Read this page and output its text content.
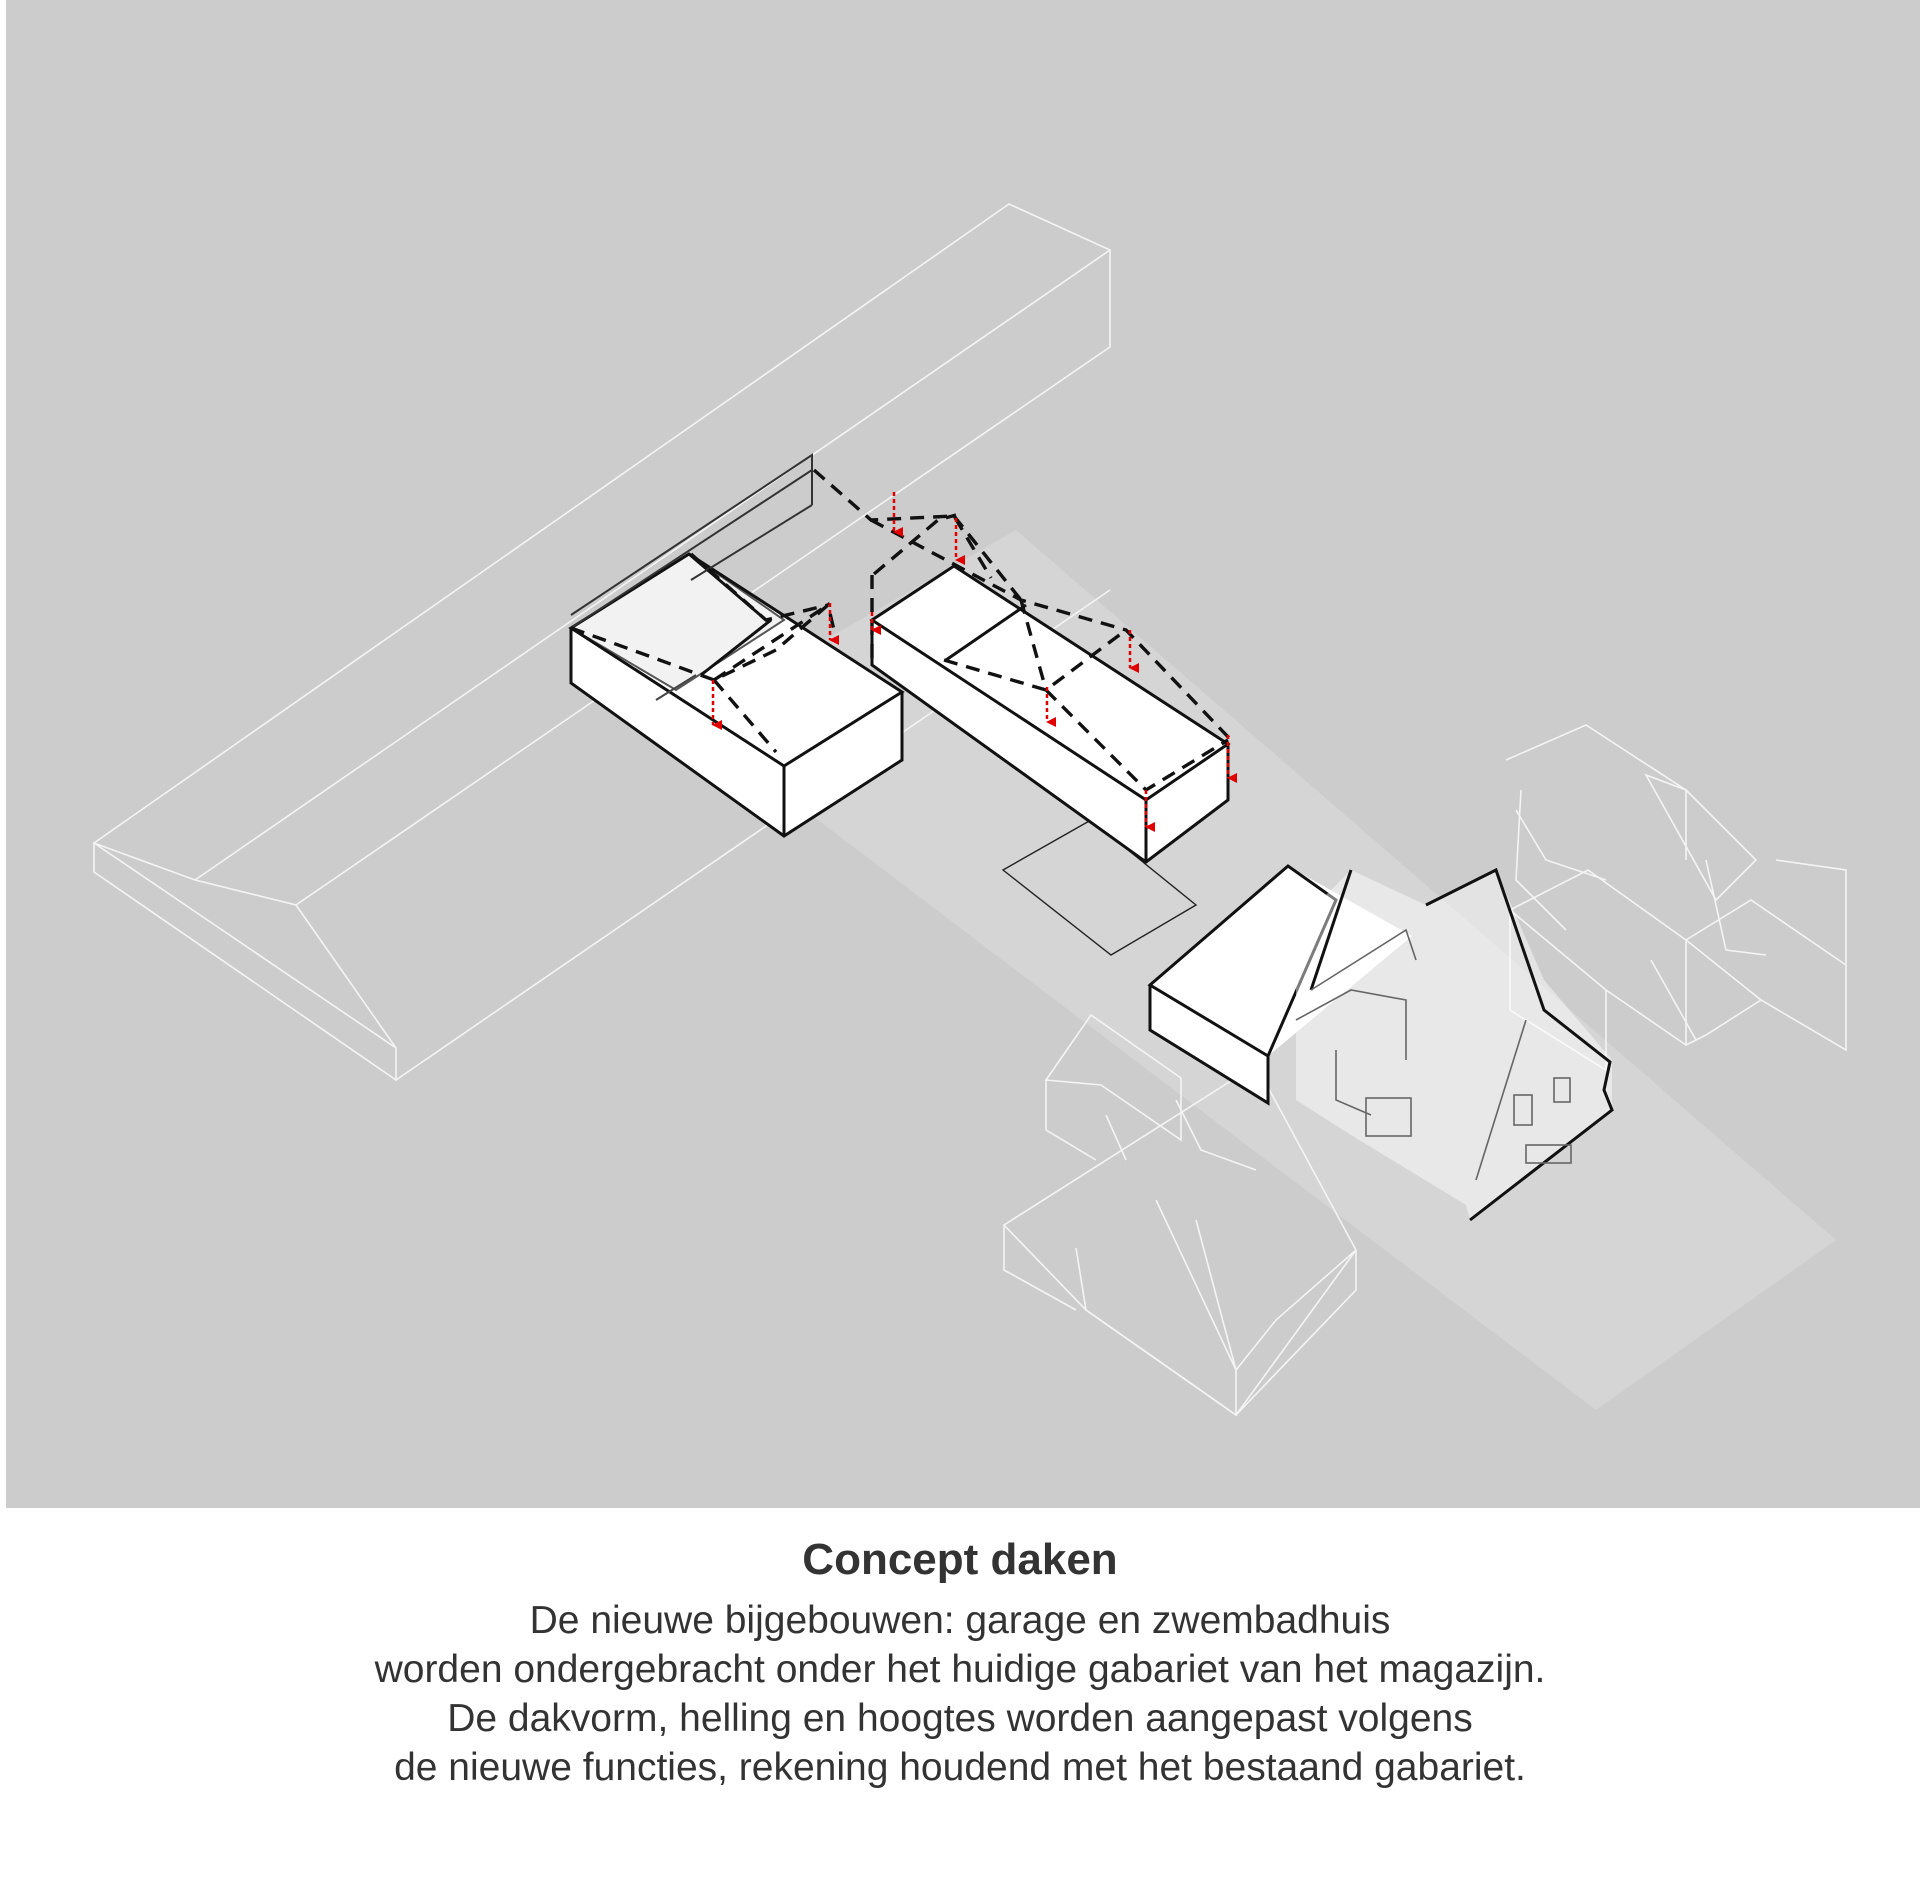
Concept daken
De nieuwe bijgebouwen: garage en zwembadhuis
worden ondergebracht onder het huidige gabariet van het magazijn.
De dakvorm, helling en hoogtes worden aangepast volgens
de nieuwe functies, rekening houdend met het bestaand gabariet.
